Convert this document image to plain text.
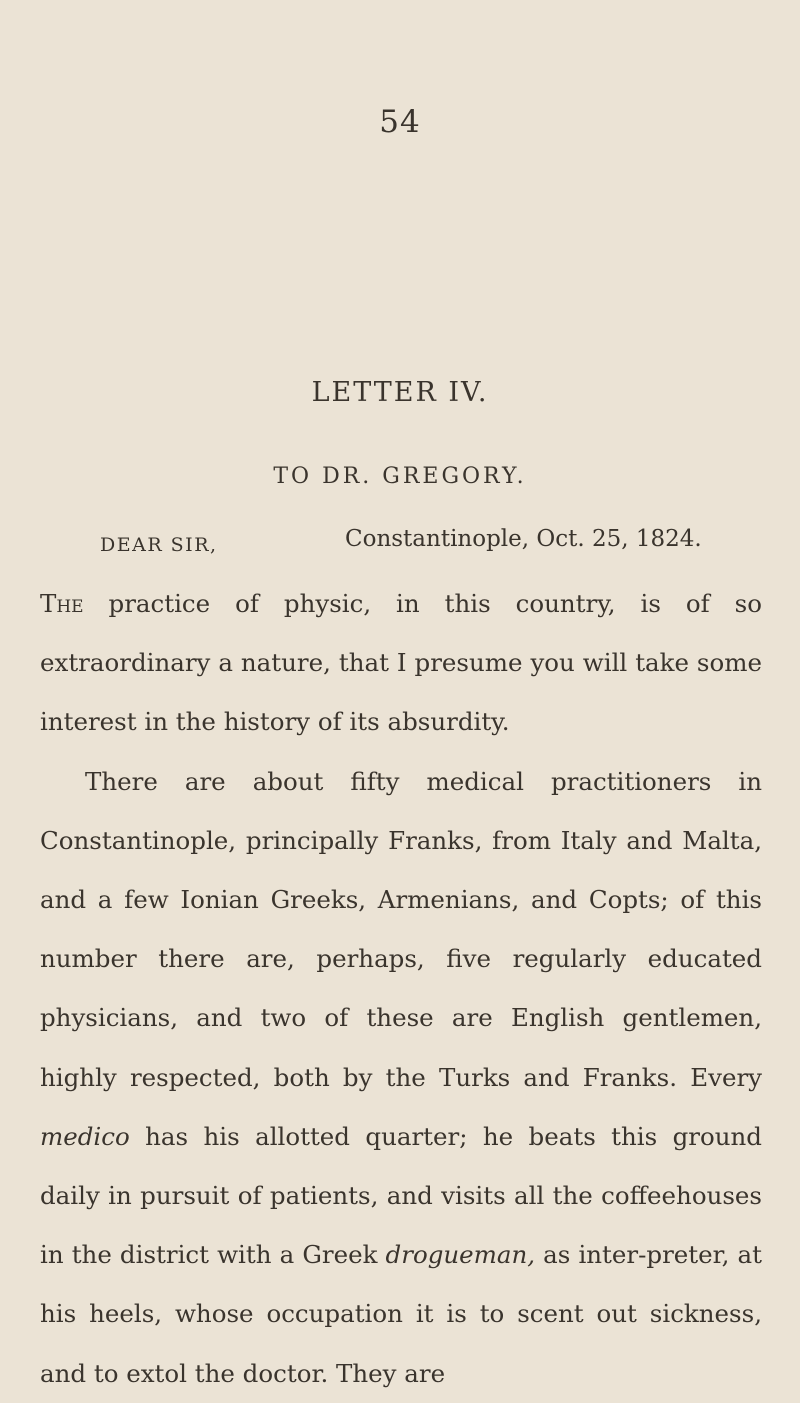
54
LETTER IV.
TO DR. GREGORY.
DEAR SIR,	Constantinople, Oct. 25, 1824.

The practice of physic, in this country, is of so extraordinary a nature, that I presume you will take some interest in the history of its absurdity.

There are about fifty medical practitioners in Constantinople, principally Franks, from Italy and Malta, and a few Ionian Greeks, Armenians, and Copts; of this number there are, perhaps, five regularly educated physicians, and two of these are English gentlemen, highly respected, both by the Turks and Franks. Every medico has his allotted quarter; he beats this ground daily in pursuit of patients, and visits all the coffeehouses in the district with a Greek drogueman, as inter-preter, at his heels, whose occupation it is to scent out sickness, and to extol the doctor. They are
